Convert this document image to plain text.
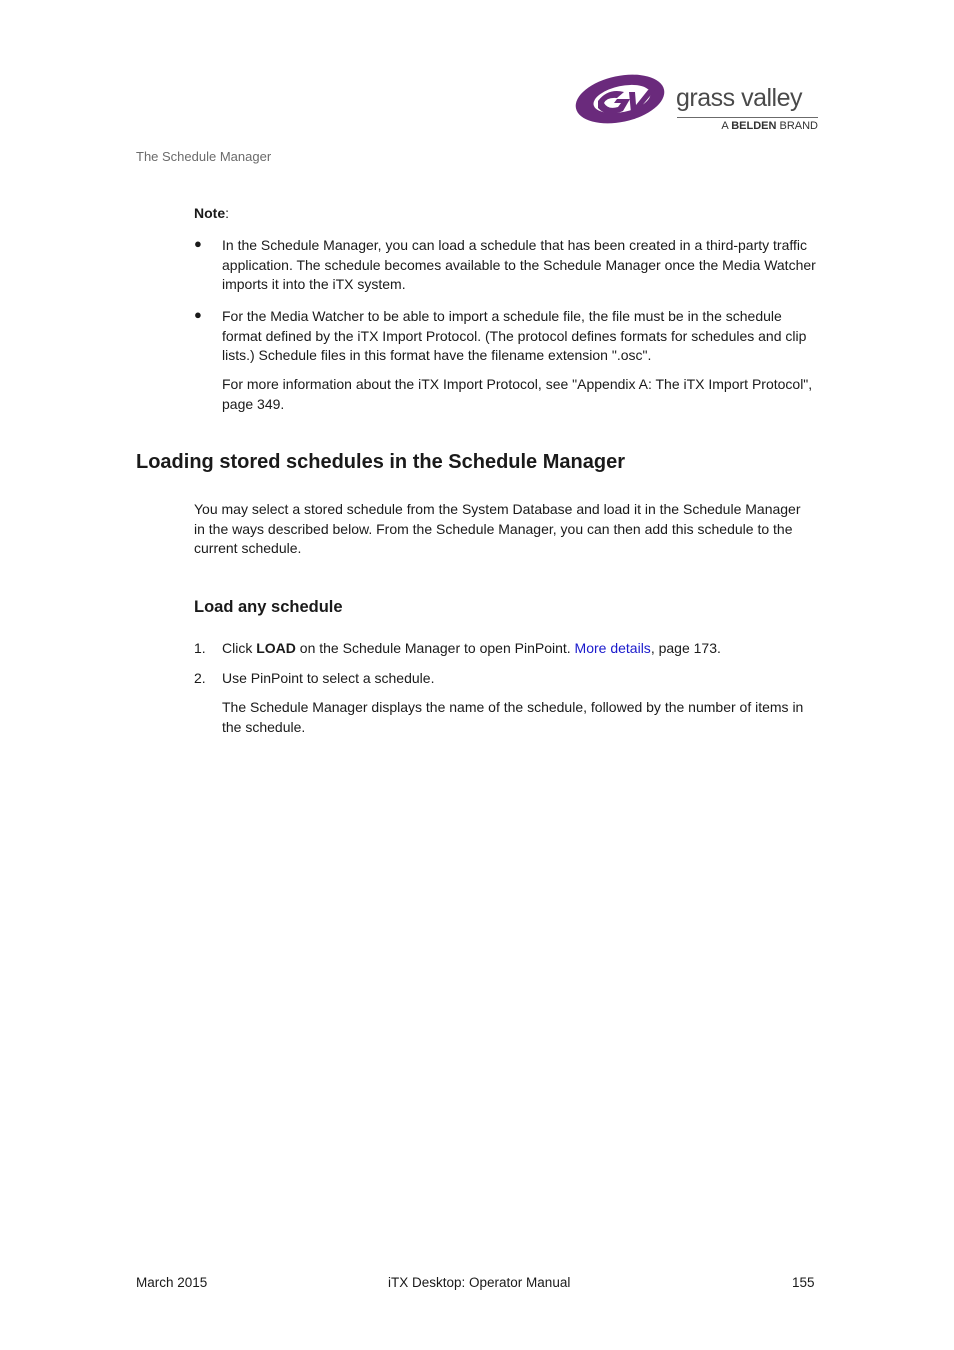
grass valley
A BELDEN BRAND
The Schedule Manager
Note:
● In the Schedule Manager, you can load a schedule that has been created in a third-party traffic application. The schedule becomes available to the Schedule Manager once the Media Watcher imports it into the iTX system.
● For the Media Watcher to be able to import a schedule file, the file must be in the schedule format defined by the iTX Import Protocol. (The protocol defines formats for schedules and clip lists.) Schedule files in this format have the filename extension ".osc".
For more information about the iTX Import Protocol, see "Appendix A: The iTX Import Protocol", page 349.
Loading stored schedules in the Schedule Manager
You may select a stored schedule from the System Database and load it in the Schedule Manager in the ways described below. From the Schedule Manager, you can then add this schedule to the current schedule.
Load any schedule
1. Click LOAD on the Schedule Manager to open PinPoint. More details, page 173.
2. Use PinPoint to select a schedule.
The Schedule Manager displays the name of the schedule, followed by the number of items in the schedule.
March 2015	iTX Desktop: Operator Manual	155
